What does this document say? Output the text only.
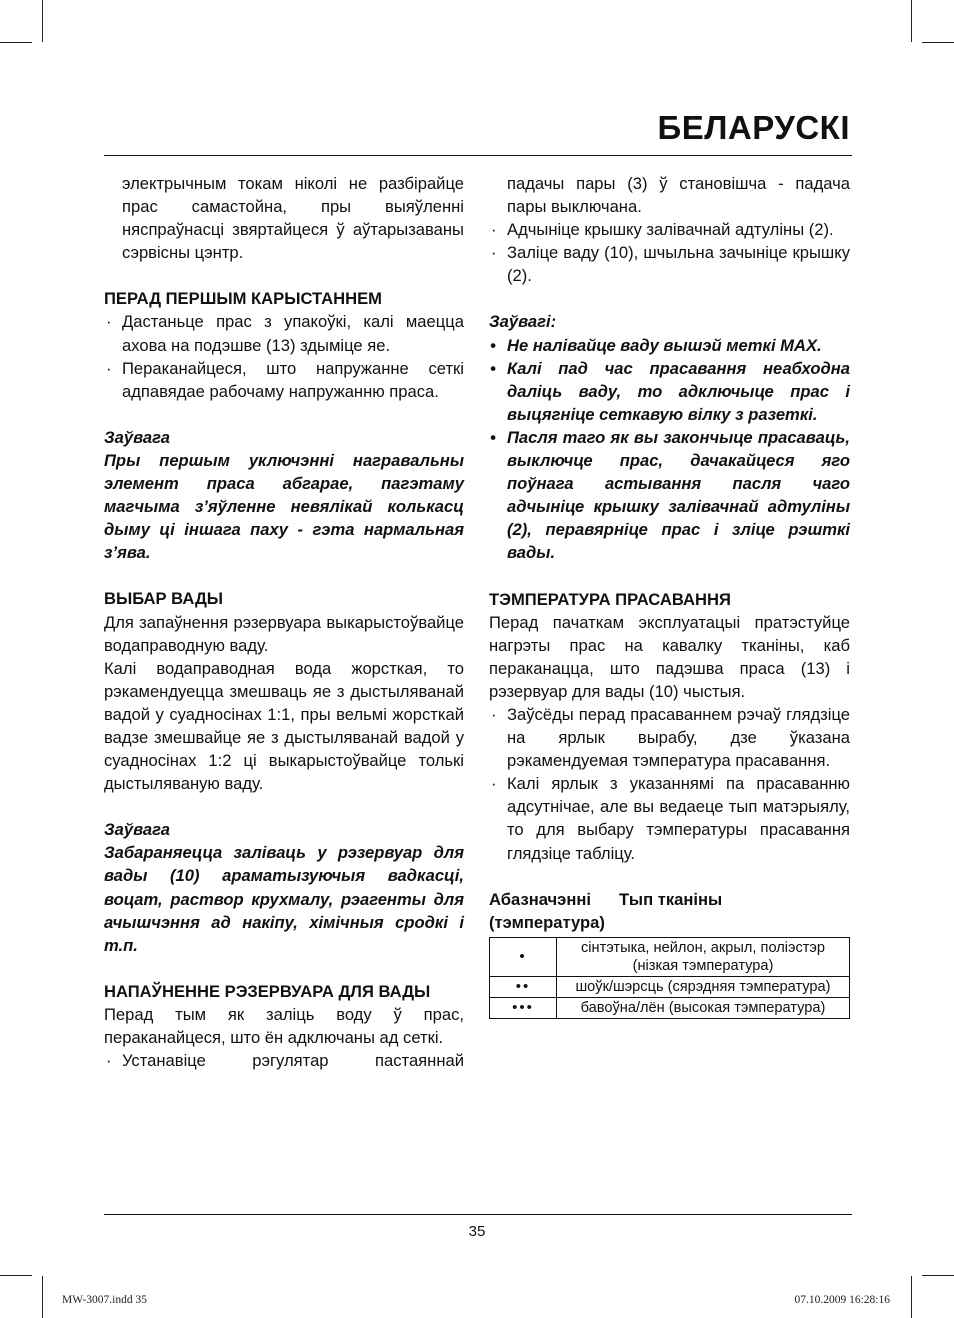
БЕЛАРУСКІ

электрычным токам ніколі не разбірайце прас самастойна, пры выяўленні няспраўнасці звяртайцеся ў аўтарызаваны сэрвісны цэнтр.

ПЕРАД ПЕРШЫМ КАРЫСТАННЕМ
· Дастаньце прас з упакоўкі, калі маецца ахова на подэшве (13) здыміце яе.
· Пераканайцеся, што напружанне сеткі адпавядае рабочаму напружанню праса.
Заўвага

Пры першым уключэнні награвальны элемент праса абгарае, пагэтаму магчыма з’яўленне невялікай колькасц дыму ці іншага паху - гэта нармальная з’ява.

ВЫБАР ВАДЫ

Для запаўнення рэзервуара выкарыстоўвайце водаправодную ваду.

Калі водаправодная вода жорсткая, то рэкамендуецца змешваць яе з дыстыляванай вадой у суадносінах 1:1, пры вельмі жорсткай вадзе змешвайце яе з дыстыляванай вадой у суадносінах 1:2 ці выкарыстоўвайце толькі дыстыляваную ваду.

Заўвага

Забараняецца заліваць у рэзервуар для вады (10) араматызуючыя вадкасці, воцат, раствор крухмалу, рэагенты для ачышчэння ад накіпу, хімічныя сродкі і т.п.

НАПАЎНЕННЕ РЭЗЕРВУАРА ДЛЯ ВАДЫ

Перад тым як заліць воду ў прас, пераканайцеся, што ён адключаны ад сеткі.

· Устанавіце рэгулятар пастаяннай

падачы пары (3) ў становішча - падача пары выключана.

· Адчыніце крышку залівачнай адтуліны (2).
· Заліце ваду (10), шчыльна зачыніце крышку (2).
Заўвагі:
• Не налівайце ваду вышэй меткі MAX.
• Калі пад час прасавання неабходна даліць ваду, то адключыце прас і выцягніце сеткавую вілку з разеткі.
• Пасля таго як вы закончыце прасаваць, выключце прас, дачакайцеся яго поўнага астывання пасля чаго адчыніце крышку залівачнай адтуліны (2), перавярніце прас і зліце рэшткі вады.
ТЭМПЕРАТУРА ПРАСАВАННЯ

Перад пачаткам эксплуатацыі пратэстуйце нагрэты прас на кавалку тканіны, каб пераканацца, што падэшва праса (13) і рэзервуар для вады (10) чыстыя.

· Заўсёды перад прасаваннем рэчаў глядзіце на ярлык вырабу, дзе ўказана рэкамендуемая тэмпература прасавання.
· Калі ярлык з указаннямі па прасаванню адсутнічае, але вы ведаеце тып матэрыялу, то для выбару тэмпературы прасавання глядзіце табліцу.
Абазначэнні Тып тканіны
(тэмпература)
•	сінтэтыка, нейлон, акрыл, поліэстэр (нізкая тэмпература)
••	шоўк/шэрсць (сярэдняя тэмпература)
•••	бавоўна/лён (высокая тэмпература)
35
MW-3007.indd 35	07.10.2009 16:28:16
